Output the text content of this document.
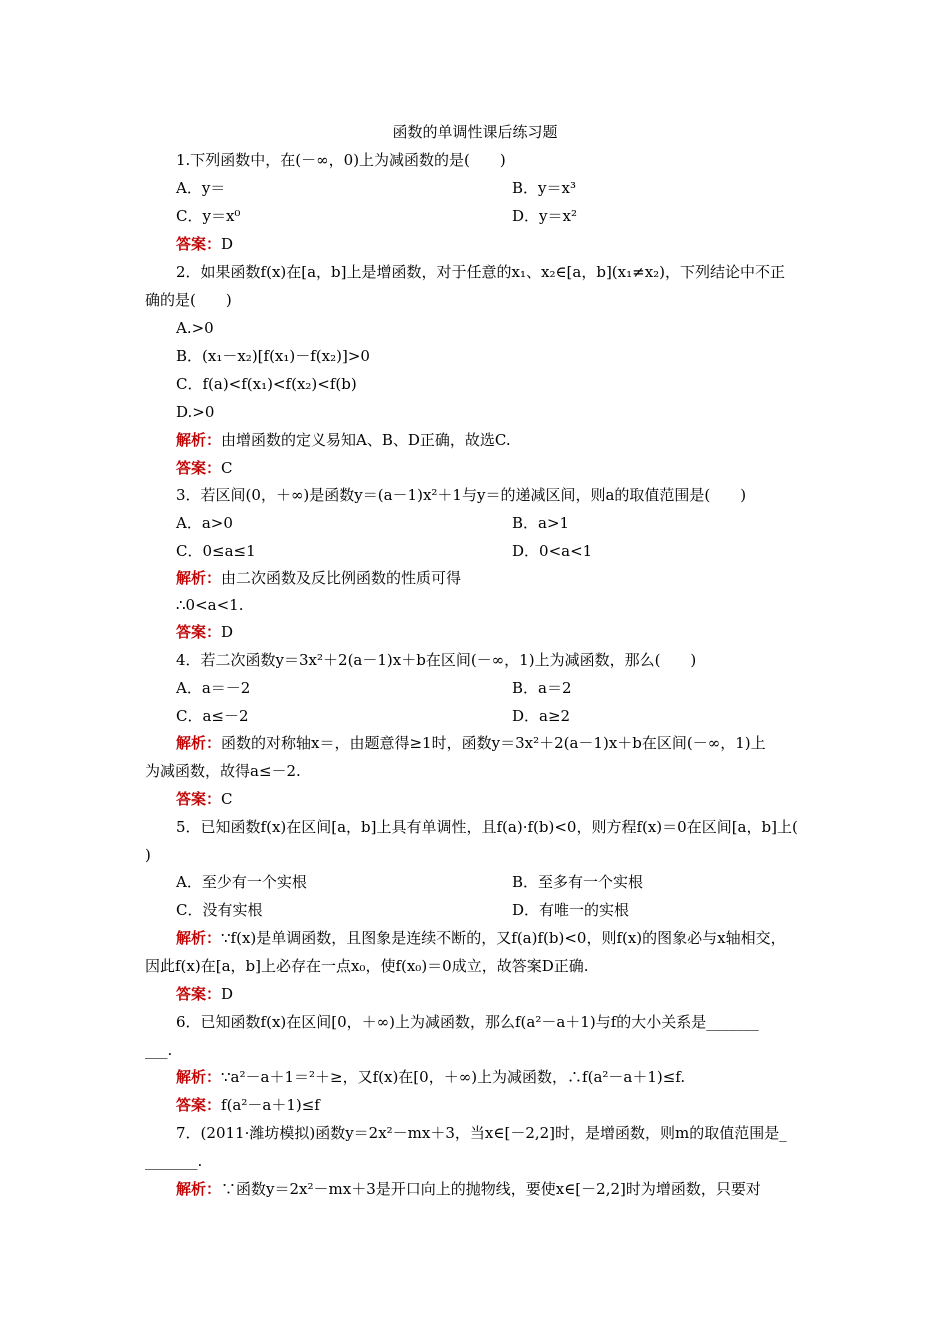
函数的单调性课后练习题
1.下列函数中，在(－∞，0)上为减函数的是(　　)
A．y＝	B．y＝x³
C．y＝x⁰	D．y＝x²
答案：D
2．如果函数f(x)在[a，b]上是增函数，对于任意的x₁、x₂∈[a，b](x₁≠x₂)，下列结论中不正
确的是(　　)
A.>0
B．(x₁－x₂)[f(x₁)－f(x₂)]>0
C．f(a)<f(x₁)<f(x₂)<f(b)
D.>0
解析：由增函数的定义易知A、B、D正确，故选C.
答案：C
3．若区间(0，＋∞)是函数y＝(a－1)x²＋1与y＝的递减区间，则a的取值范围是(　　)
A．a>0	B．a>1
C．0≤a≤1	D．0<a<1
解析：由二次函数及反比例函数的性质可得
∴0<a<1.
答案：D
4．若二次函数y＝3x²＋2(a－1)x＋b在区间(－∞，1)上为减函数，那么(　　)
A．a＝－2	B．a＝2
C．a≤－2	D．a≥2
解析：函数的对称轴x＝，由题意得≥1时，函数y＝3x²＋2(a－1)x＋b在区间(－∞，1)上
为减函数，故得a≤－2.
答案：C
5．已知函数f(x)在区间[a，b]上具有单调性，且f(a)·f(b)<0，则方程f(x)＝0在区间[a，b]上(
)
A．至少有一个实根	B．至多有一个实根
C．没有实根	D．有唯一的实根
解析：∵f(x)是单调函数，且图象是连续不断的，又f(a)f(b)<0，则f(x)的图象必与x轴相交，
因此f(x)在[a，b]上必存在一点x₀，使f(x₀)＝0成立，故答案D正确.
答案：D
6．已知函数f(x)在区间[0，＋∞)上为减函数，那么f(a²－a＋1)与f的大小关系是_______
___.
解析：∵a²－a＋1＝²＋≥，又f(x)在[0，＋∞)上为减函数，∴f(a²－a＋1)≤f.
答案：f(a²－a＋1)≤f
7．(2011·潍坊模拟)函数y＝2x²－mx＋3，当x∈[－2,2]时，是增函数，则m的取值范围是_
_______.
解析：∵函数y＝2x²－mx＋3是开口向上的抛物线，要使x∈[－2,2]时为增函数，只要对
